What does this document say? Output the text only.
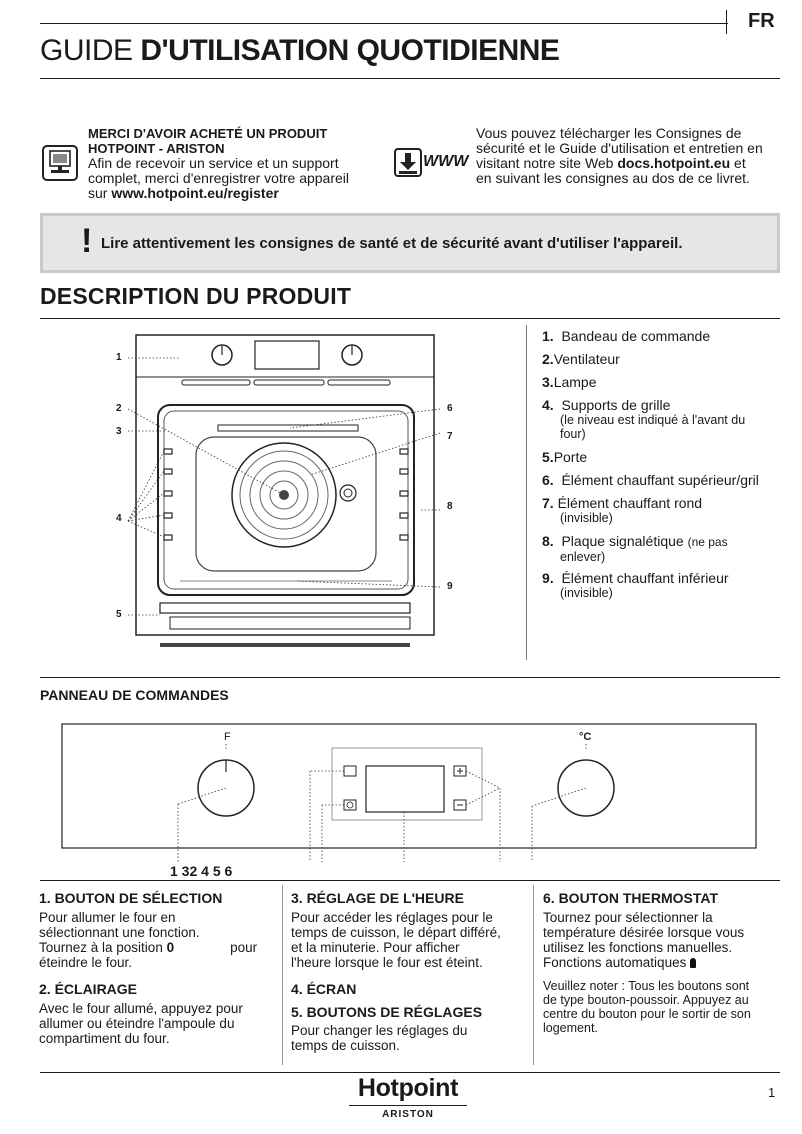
FR
GUIDE D'UTILISATION QUOTIDIENNE
MERCI D'AVOIR ACHETÉ UN PRODUIT
HOTPOINT - ARISTON
Afin de recevoir un service et un support
complet, merci d'enregistrer votre appareil
sur www.hotpoint.eu/register
WWW
Vous pouvez télécharger les Consignes de
sécurité et le Guide d'utilisation et entretien en
visitant notre site Web docs.hotpoint.eu et
en suivant les consignes au dos de ce livret.
! Lire attentivement les consignes de santé et de sécurité avant d'utiliser l'appareil.
DESCRIPTION DU PRODUIT
1
2
3
4
5
6
7
8
9
1. Bandeau de commande
2.Ventilateur
3.Lampe
4. Supports de grille
(le niveau est indiqué à l'avant du
four)
5.Porte
6. Élément chauffant supérieur/gril
7. Élément chauffant rond
(invisible)
8. Plaque signalétique (ne pas
enlever)
9. Élément chauffant inférieur
(invisible)
PANNEAU DE COMMANDES
F	°C
1 32 4 5 6
1. BOUTON DE SÉLECTION
Pour allumer le four en
sélectionnant une fonction.
Tournez à la position 0	pour
éteindre le four.
2. ÉCLAIRAGE
Avec le four allumé, appuyez pour
allumer ou éteindre l'ampoule du
compartiment du four.
3. RÉGLAGE DE L'HEURE
Pour accéder les réglages pour le
temps de cuisson, le départ différé,
et la minuterie. Pour afficher
l'heure lorsque le four est éteint.
4. ÉCRAN
5. BOUTONS DE RÉGLAGES
Pour changer les réglages du
temps de cuisson.
6. BOUTON THERMOSTAT
Tournez pour sélectionner la
température désirée lorsque vous
utilisez les fonctions manuelles.
Fonctions automatiques
Veuillez noter : Tous les boutons sont
de type bouton-poussoir. Appuyez au
centre du bouton pour le sortir de son
logement.
Hotpoint
ARISTON
1
